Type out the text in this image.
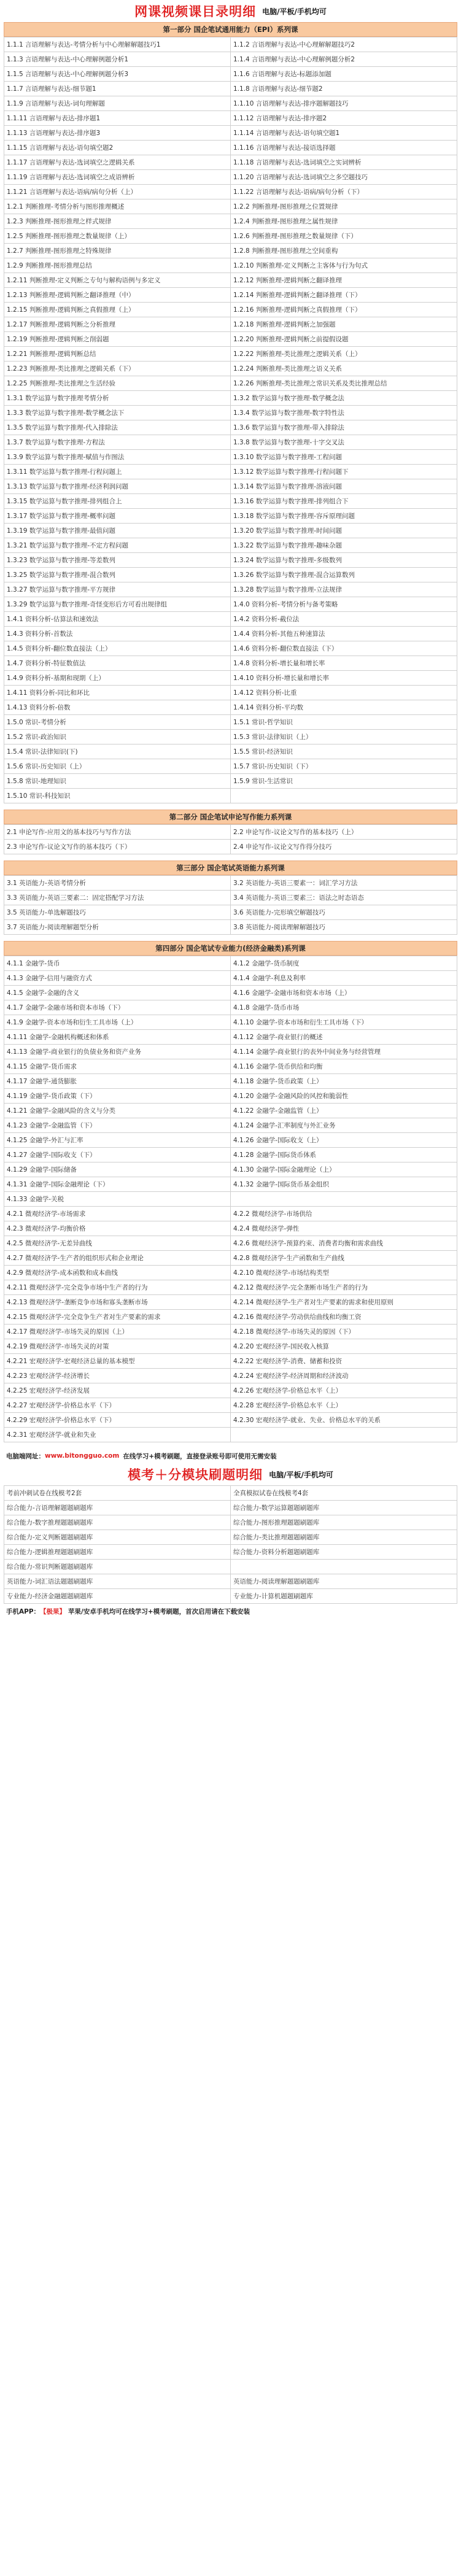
网课视频课目录明细 电脑/平板/手机均可
第一部分 国企笔试通用能力（EPI）系列课
1.1.1 言语理解与表达-考情分析与中心理解解题技巧1	1.1.2 言语理解与表达-中心理解解题技巧2
1.1.3 言语理解与表达-中心理解例题分析1	1.1.4 言语理解与表达-中心理解例题分析2
1.1.5 言语理解与表达-中心理解例题分析3	1.1.6 言语理解与表达-标题添加题
1.1.7 言语理解与表达-细节题1	1.1.8 言语理解与表达-细节题2
1.1.9 言语理解与表达-词句理解题	1.1.10 言语理解与表达-排序题解题技巧
1.1.11 言语理解与表达-排序题1	1.1.12 言语理解与表达-排序题2
1.1.13 言语理解与表达-排序题3	1.1.14 言语理解与表达-语句填空题1
1.1.15 言语理解与表达-语句填空题2	1.1.16 言语理解与表达-接语选择题
1.1.17 言语理解与表达-选词填空之逻辑关系	1.1.18 言语理解与表达-选词填空之实词辨析
1.1.19 言语理解与表达-选词填空之成语辨析	1.1.20 言语理解与表达-选词填空之多空题技巧
1.1.21 言语理解与表达-语病/病句分析（上）	1.1.22 言语理解与表达-语病/病句分析（下）
1.2.1 判断推理-考情分析与图形推理概述	1.2.2 判断推理-图形推理之位置规律
1.2.3 判断推理-图形推理之样式规律	1.2.4 判断推理-图形推理之属性规律
1.2.5 判断推理-图形推理之数量规律（上）	1.2.6 判断推理-图形推理之数量规律（下）
1.2.7 判断推理-图形推理之特殊规律	1.2.8 判断推理-图形推理之空间重构
1.2.9 判断推理-图形推理总结	1.2.10 判断推理-定义判断之主客体与行为句式
1.2.11 判断推理-定义判断之专句与解构语例与多定义	1.2.12 判断推理-逻辑判断之翻译推理
1.2.13 判断推理-逻辑判断之翻译推理（中）	1.2.14 判断推理-逻辑判断之翻译推理（下）
1.2.15 判断推理-逻辑判断之真假推理（上）	1.2.16 判断推理-逻辑判断之真假推理（下）
1.2.17 判断推理-逻辑判断之分析推理	1.2.18 判断推理-逻辑判断之加强题
1.2.19 判断推理-逻辑判断之削弱题	1.2.20 判断推理-逻辑判断之前提假设题
1.2.21 判断推理-逻辑判断总结	1.2.22 判断推理-类比推理之逻辑关系（上）
1.2.23 判断推理-类比推理之逻辑关系（下）	1.2.24 判断推理-类比推理之语义关系
1.2.25 判断推理-类比推理之生活经验	1.2.26 判断推理-类比推理之常识关系及类比推理总结
1.3.1 数学运算与数字推理考情分析	1.3.2 数学运算与数字推理-数学概念法
1.3.3 数学运算与数字推理-数学概念法下	1.3.4 数学运算与数字推理-数字特性法
1.3.5 数学运算与数字推理-代入排除法	1.3.6 数学运算与数字推理-带入排除法
1.3.7 数学运算与数字推理-方程法	1.3.8 数学运算与数字推理-十字交叉法
1.3.9 数学运算与数字推理-赋值与作图法	1.3.10 数学运算与数字推理-工程问题
1.3.11 数学运算与数字推理-行程问题上	1.3.12 数学运算与数字推理-行程问题下
1.3.13 数学运算与数字推理-经济利润问题	1.3.14 数学运算与数字推理-溶液问题
1.3.15 数学运算与数字推理-排列组合上	1.3.16 数学运算与数字推理-排列组合下
1.3.17 数学运算与数字推理-概率问题	1.3.18 数学运算与数字推理-容斥原理问题
1.3.19 数学运算与数字推理-最值问题	1.3.20 数学运算与数字推理-时间问题
1.3.21 数学运算与数字推理-不定方程问题	1.3.22 数学运算与数字推理-趣味杂题
1.3.23 数学运算与数字推理-等差数列	1.3.24 数学运算与数字推理-多级数列
1.3.25 数学运算与数字推理-混合数列	1.3.26 数学运算与数字推理-混合运算数列
1.3.27 数学运算与数字推理-平方规律	1.3.28 数学运算与数字推理-立法规律
1.3.29 数学运算与数字推理-奇怪变形后方可看出规律组	1.4.0 资料分析-考情分析与备考策略
1.4.1 资料分析-估算法和速效法	1.4.2 资料分析-截位法
1.4.3 资料分析-首数法	1.4.4 资料分析-其他五种速算法
1.4.5 资料分析-翻位数直接法（上）	1.4.6 资料分析-翻位数直接法（下）
1.4.7 资料分析-特征数值法	1.4.8 资料分析-增长量和增长率
1.4.9 资料分析-基期和现期（上）	1.4.10 资料分析-增长量和增长率
1.4.11 资料分析-同比和环比	1.4.12 资料分析-比重
1.4.13 资料分析-倍数	1.4.14 资料分析-平均数
1.5.0 常识-考情分析	1.5.1 常识-哲学知识
1.5.2 常识-政治知识	1.5.3 常识-法律知识（上）
1.5.4 常识-法律知识(下)	1.5.5 常识-经济知识
1.5.6 常识-历史知识（上）	1.5.7 常识-历史知识（下）
1.5.8 常识-地理知识	1.5.9 常识-生活常识
1.5.10 常识-科技知识	
第二部分 国企笔试申论写作能力系列课
2.1 申论写作-应用文的基本技巧与写作方法	2.2 申论写作-议论文写作的基本技巧（上）
2.3 申论写作-议论文写作的基本技巧（下）	2.4 申论写作-议论文写作得分技巧
第三部分 国企笔试英语能力系列课
3.1 英语能力-英语考情分析	3.2 英语能力-英语三要素一：词汇学习方法
3.3 英语能力-英语三要素二：固定搭配学习方法	3.4 英语能力-英语三要素三：语法之时态语态
3.5 英语能力-单选解题技巧	3.6 英语能力-完形填空解题技巧
3.7 英语能力-阅读理解题型分析	3.8 英语能力-阅读理解解题技巧
第四部分 国企笔试专业能力(经济金融类)系列课
4.1.1 金融学-货币	4.1.2 金融学-货币制度
4.1.3 金融学-信用与融资方式	4.1.4 金融学-利息及利率
4.1.5 金融学-金融的含义	4.1.6 金融学-金融市场和资本市场（上）
4.1.7 金融学-金融市场和资本市场（下）	4.1.8 金融学-货币市场
4.1.9 金融学-资本市场和衍生工具市场（上）	4.1.10 金融学-资本市场和衍生工具市场（下）
4.1.11 金融学-金融机构概述和体系	4.1.12 金融学-商业银行的概述
4.1.13 金融学-商业银行的负债业务和资产业务	4.1.14 金融学-商业银行的表外中间业务与经营管理
4.1.15 金融学-货币需求	4.1.16 金融学-货币供给和均衡
4.1.17 金融学-通货膨胀	4.1.18 金融学-货币政策（上）
4.1.19 金融学-货币政策（下）	4.1.20 金融学-金融风险的风控和脆弱性
4.1.21 金融学-金融风险的含义与分类	4.1.22 金融学-金融监管（上）
4.1.23 金融学-金融监管（下）	4.1.24 金融学-汇率制度与外汇业务
4.1.25 金融学-外汇与汇率	4.1.26 金融学-国际收支（上）
4.1.27 金融学-国际收支（下）	4.1.28 金融学-国际货币体系
4.1.29 金融学-国际储备	4.1.30 金融学-国际金融理论（上）
4.1.31 金融学-国际金融理论（下）	4.1.32 金融学-国际货币基金组织
4.1.33 金融学-关税	
4.2.1 微观经济学-市场需求	4.2.2 微观经济学-市场供给
4.2.3 微观经济学-均衡价格	4.2.4 微观经济学-弹性
4.2.5 微观经济学-无差异曲线	4.2.6 微观经济学-预算约束、消费者均衡和需求曲线
4.2.7 微观经济学-生产者的组织形式和企业理论	4.2.8 微观经济学-生产函数和生产曲线
4.2.9 微观经济学-成本函数和成本曲线	4.2.10 微观经济学-市场结构类型
4.2.11 微观经济学-完全竞争市场中生产者的行为	4.2.12 微观经济学-完全垄断市场生产者的行为
4.2.13 微观经济学-垄断竞争市场和寡头垄断市场	4.2.14 微观经济学-生产者对生产要素的需求和使用原则
4.2.15 微观经济学-完全竞争生产者对生产要素的需求	4.2.16 微观经济学-劳动供给曲线和均衡工资
4.2.17 微观经济学-市场失灵的原因（上）	4.2.18 微观经济学-市场失灵的原因（下）
4.2.19 微观经济学-市场失灵的对策	4.2.20 宏观经济学-国民收入核算
4.2.21 宏观经济学-宏观经济总量的基本模型	4.2.22 宏观经济学-消费、储蓄和投资
4.2.23 宏观经济学-经济增长	4.2.24 宏观经济学-经济周期和经济波动
4.2.25 宏观经济学-经济发展	4.2.26 宏观经济学-价格总水平（上）
4.2.27 宏观经济学-价格总水平（下）	4.2.28 宏观经济学-价格总水平（上）
4.2.29 宏观经济学-价格总水平（下）	4.2.30 宏观经济学-就业、失业、价格总水平的关系
4.2.31 宏观经济学-就业和失业	
电脑端网址： www.bitongguo.com 在线学习+模考刷题，直接登录账号即可使用无需安装
模考＋分模块刷题明细 电脑/平板/手机均可
考前冲刺试卷在线模考2套	全真模拟试卷在线模考4套
综合能力-言语理解题题刷题库	综合能力-数学运算题题刷题库
综合能力-数字推理题题刷题库	综合能力-图形推理题题刷题库
综合能力-定义判断题题刷题库	综合能力-类比推理题题刷题库
综合能力-逻辑推理题题刷题库	综合能力-资料分析题题刷题库
综合能力-常识判断题题刷题库	
英语能力-词汇语法题题刷题库	英语能力-阅读理解题题刷题库
专业能力-经济金融题题刷题库	专业能力-计算机题题刷题库
手机APP： 【极果】 苹果/安卓手机均可在线学习+模考刷题，首次启用请在下载安装
